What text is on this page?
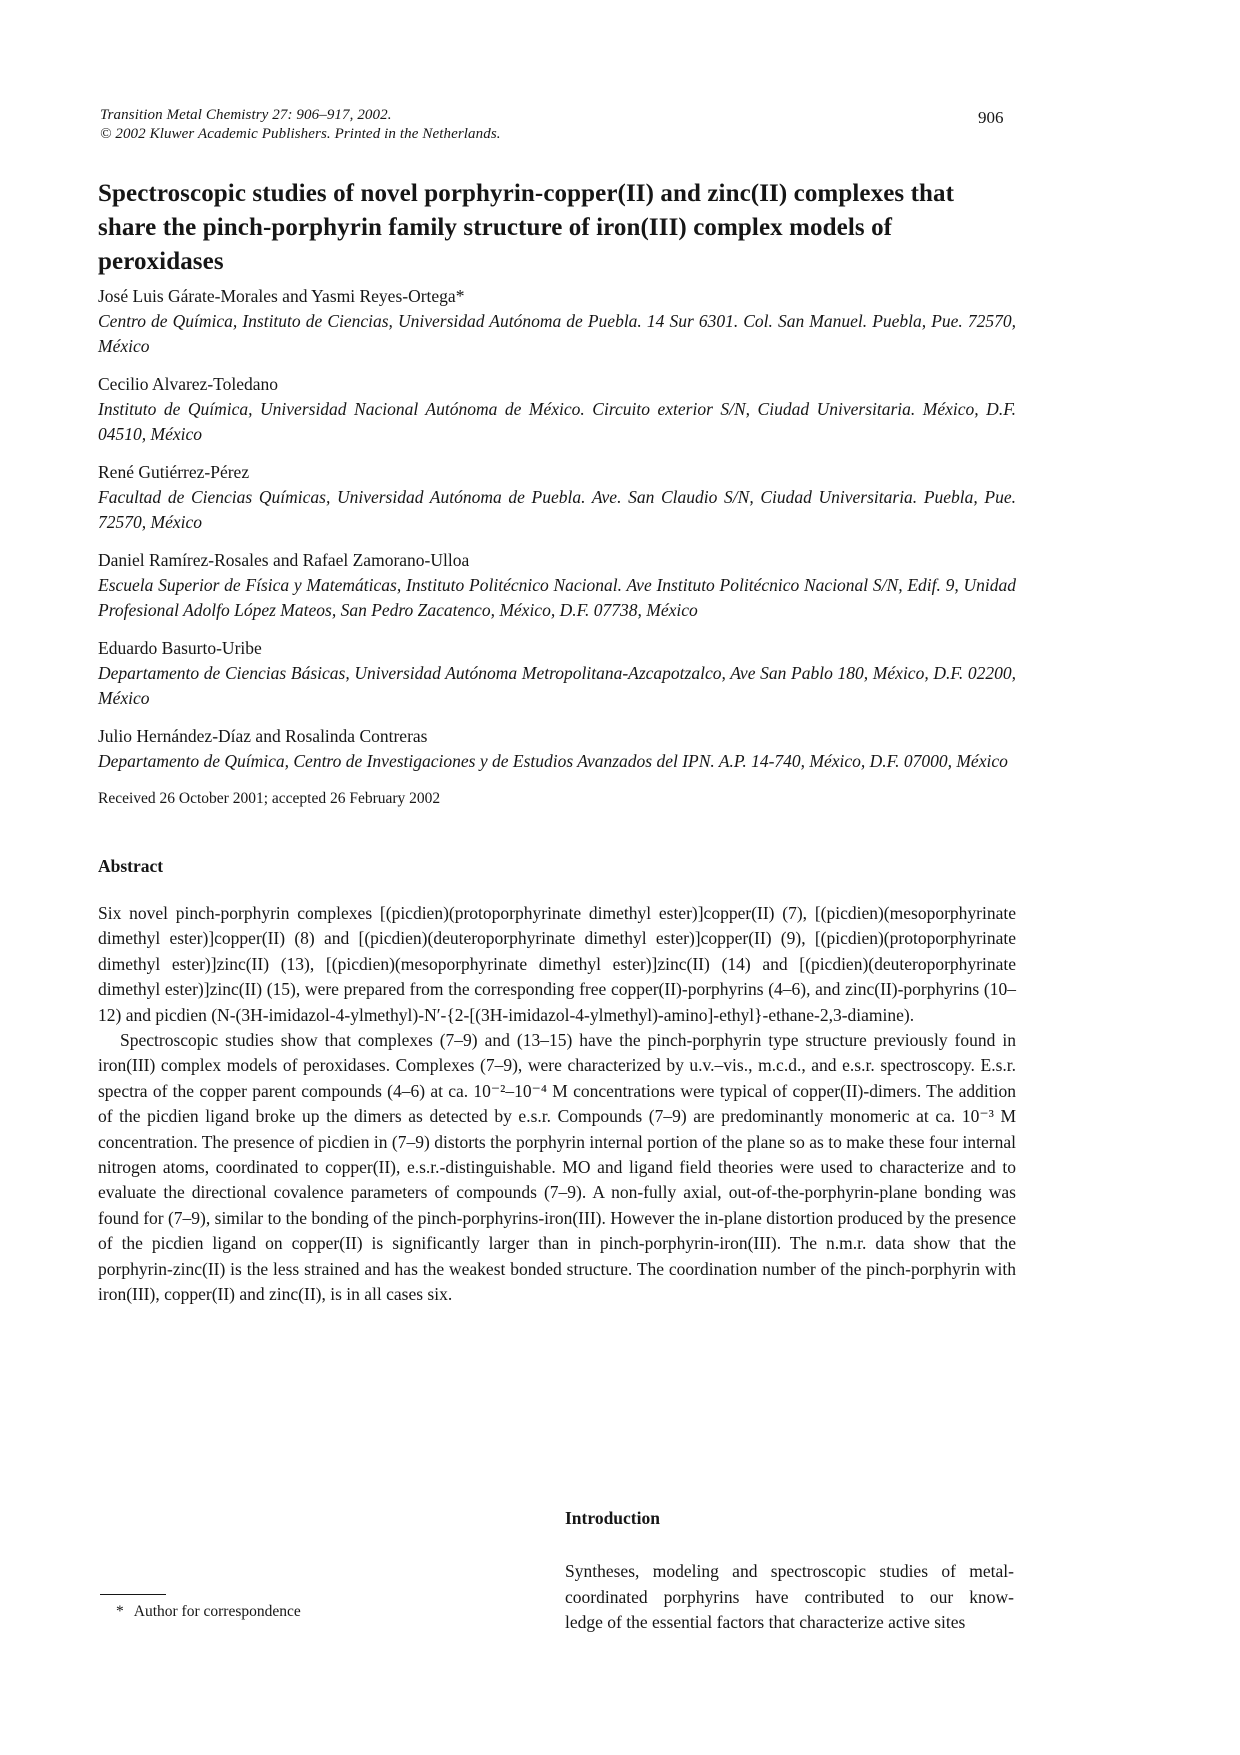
Transition Metal Chemistry 27: 906–917, 2002.
© 2002 Kluwer Academic Publishers. Printed in the Netherlands.
906
Spectroscopic studies of novel porphyrin-copper(II) and zinc(II) complexes that share the pinch-porphyrin family structure of iron(III) complex models of peroxidases
José Luis Gárate-Morales and Yasmi Reyes-Ortega*
Centro de Química, Instituto de Ciencias, Universidad Autónoma de Puebla. 14 Sur 6301. Col. San Manuel. Puebla, Pue. 72570, México
Cecilio Alvarez-Toledano
Instituto de Química, Universidad Nacional Autónoma de México. Circuito exterior S/N, Ciudad Universitaria. México, D.F. 04510, México
René Gutiérrez-Pérez
Facultad de Ciencias Químicas, Universidad Autónoma de Puebla. Ave. San Claudio S/N, Ciudad Universitaria. Puebla, Pue. 72570, México
Daniel Ramírez-Rosales and Rafael Zamorano-Ulloa
Escuela Superior de Física y Matemáticas, Instituto Politécnico Nacional. Ave Instituto Politécnico Nacional S/N, Edif. 9, Unidad Profesional Adolfo López Mateos, San Pedro Zacatenco, México, D.F. 07738, México
Eduardo Basurto-Uribe
Departamento de Ciencias Básicas, Universidad Autónoma Metropolitana-Azcapotzalco, Ave San Pablo 180, México, D.F. 02200, México
Julio Hernández-Díaz and Rosalinda Contreras
Departamento de Química, Centro de Investigaciones y de Estudios Avanzados del IPN. A.P. 14-740, México, D.F. 07000, México
Received 26 October 2001; accepted 26 February 2002
Abstract

Six novel pinch-porphyrin complexes [(picdien)(protoporphyrinate dimethyl ester)]copper(II) (7), [(picdien)(mesoporphyrinate dimethyl ester)]copper(II) (8) and [(picdien)(deuteroporphyrinate dimethyl ester)]copper(II) (9), [(picdien)(protoporphyrinate dimethyl ester)]zinc(II) (13), [(picdien)(mesoporphyrinate dimethyl ester)]zinc(II) (14) and [(picdien)(deuteroporphyrinate dimethyl ester)]zinc(II) (15), were prepared from the corresponding free copper(II)-porphyrins (4–6), and zinc(II)-porphyrins (10–12) and picdien (N-(3H-imidazol-4-ylmethyl)-N′-{2-[(3H-imidazol-4-ylmethyl)-amino]-ethyl}-ethane-2,3-diamine).

Spectroscopic studies show that complexes (7–9) and (13–15) have the pinch-porphyrin type structure previously found in iron(III) complex models of peroxidases. Complexes (7–9), were characterized by u.v.–vis., m.c.d., and e.s.r. spectroscopy. E.s.r. spectra of the copper parent compounds (4–6) at ca. 10⁻²–10⁻⁴ M concentrations were typical of copper(II)-dimers. The addition of the picdien ligand broke up the dimers as detected by e.s.r. Compounds (7–9) are predominantly monomeric at ca. 10⁻³ M concentration. The presence of picdien in (7–9) distorts the porphyrin internal portion of the plane so as to make these four internal nitrogen atoms, coordinated to copper(II), e.s.r.-distinguishable. MO and ligand field theories were used to characterize and to evaluate the directional covalence parameters of compounds (7–9). A non-fully axial, out-of-the-porphyrin-plane bonding was found for (7–9), similar to the bonding of the pinch-porphyrins-iron(III). However the in-plane distortion produced by the presence of the picdien ligand on copper(II) is significantly larger than in pinch-porphyrin-iron(III). The n.m.r. data show that the porphyrin-zinc(II) is the less strained and has the weakest bonded structure. The coordination number of the pinch-porphyrin with iron(III), copper(II) and zinc(II), is in all cases six.

Introduction
Syntheses, modeling and spectroscopic studies of metal-
coordinated porphyrins have contributed to our know-
ledge of the essential factors that characterize active sites
* Author for correspondence
